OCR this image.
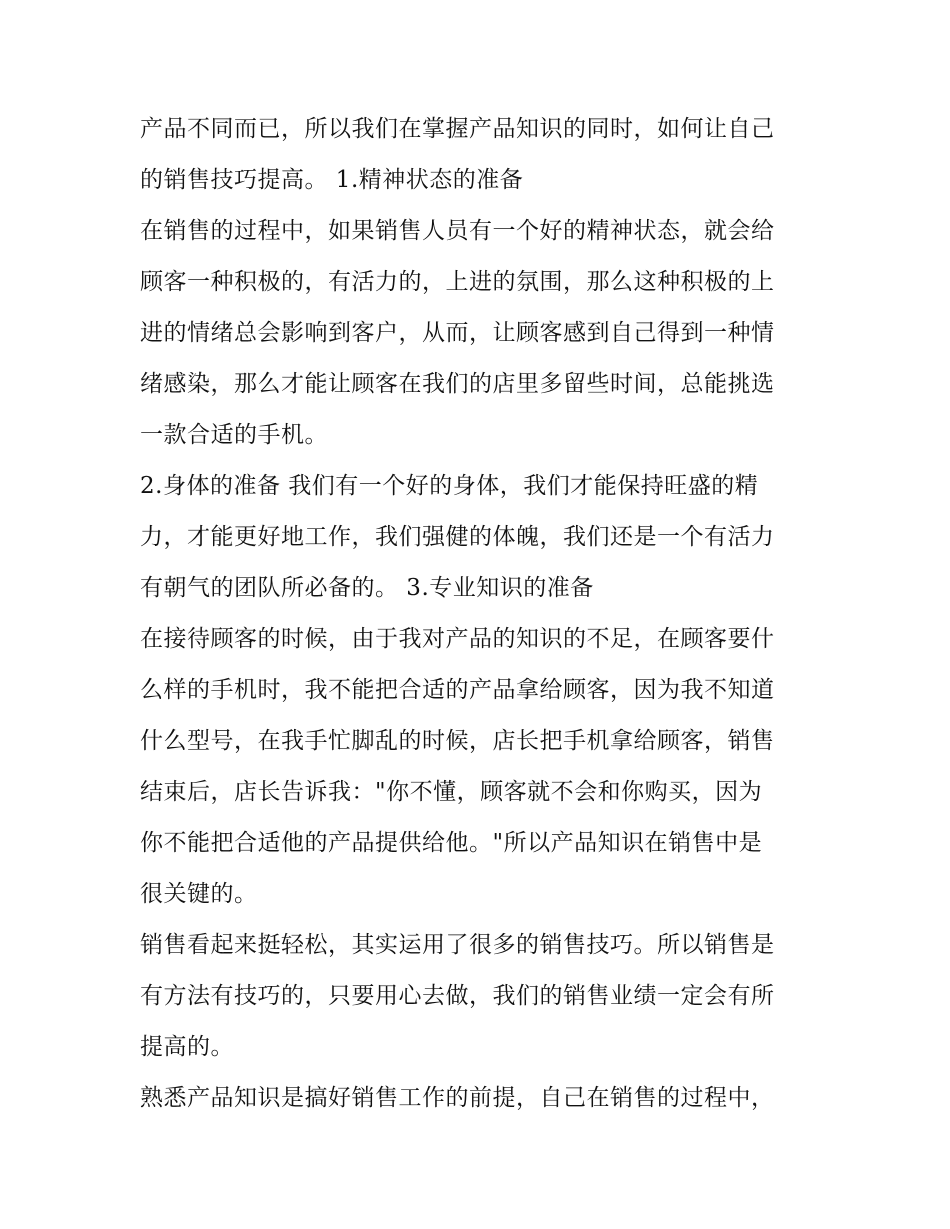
产品不同而已，所以我们在掌握产品知识的同时，如何让自己
的销售技巧提高。 1.精神状态的准备
在销售的过程中，如果销售人员有一个好的精神状态，就会给
顾客一种积极的，有活力的，上进的氛围，那么这种积极的上
进的情绪总会影响到客户，从而，让顾客感到自己得到一种情
绪感染，那么才能让顾客在我们的店里多留些时间，总能挑选
一款合适的手机。
2.身体的准备 我们有一个好的身体，我们才能保持旺盛的精
力，才能更好地工作，我们强健的体魄，我们还是一个有活力
有朝气的团队所必备的。 3.专业知识的准备
在接待顾客的时候，由于我对产品的知识的不足，在顾客要什
么样的手机时，我不能把合适的产品拿给顾客，因为我不知道
什么型号，在我手忙脚乱的时候，店长把手机拿给顾客，销售
结束后，店长告诉我："你不懂，顾客就不会和你购买，因为
你不能把合适他的产品提供给他。"所以产品知识在销售中是
很关键的。
销售看起来挺轻松，其实运用了很多的销售技巧。所以销售是
有方法有技巧的，只要用心去做，我们的销售业绩一定会有所
提高的。
熟悉产品知识是搞好销售工作的前提，自己在销售的过程中，
